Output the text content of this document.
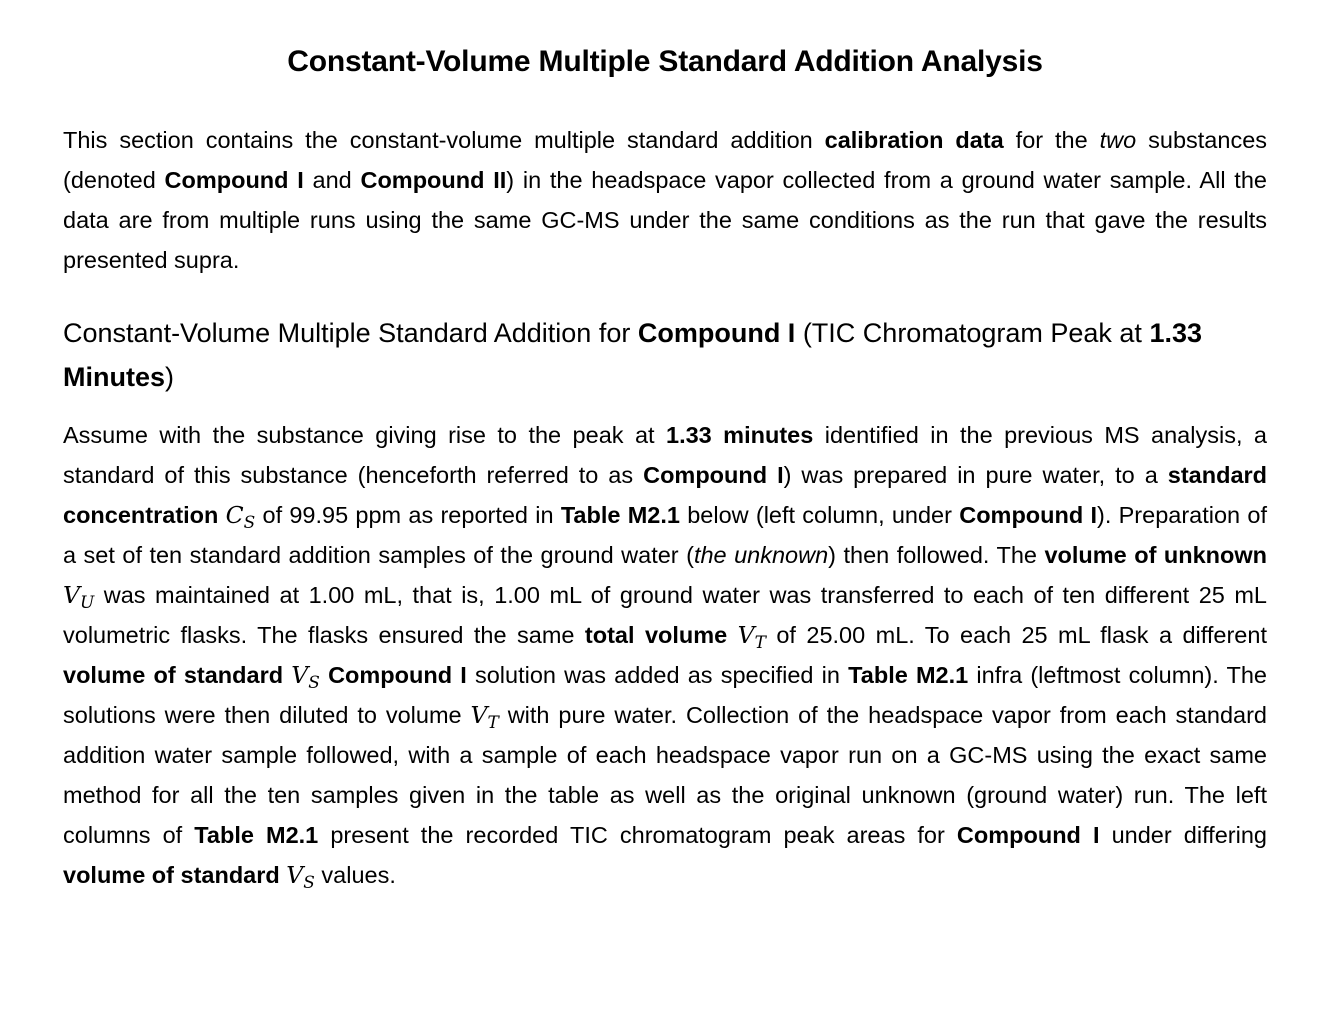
Constant-Volume Multiple Standard Addition Analysis

This section contains the constant-volume multiple standard addition calibration data for the two substances (denoted Compound I and Compound II) in the headspace vapor collected from a ground water sample. All the data are from multiple runs using the same GC-MS under the same conditions as the run that gave the results presented supra.

Constant-Volume Multiple Standard Addition for Compound I (TIC Chromatogram Peak at 1.33 Minutes)

Assume with the substance giving rise to the peak at 1.33 minutes identified in the previous MS analysis, a standard of this substance (henceforth referred to as Compound I) was prepared in pure water, to a standard concentration $C_S$ of 99.95 ppm as reported in Table M2.1 below (left column, under Compound I). Preparation of a set of ten standard addition samples of the ground water (the unknown) then followed. The volume of unknown $V_U$ was maintained at 1.00 mL, that is, 1.00 mL of ground water was transferred to each of ten different 25 mL volumetric flasks. The flasks ensured the same total volume $V_T$ of 25.00 mL. To each 25 mL flask a different volume of standard $V_S$ Compound I solution was added as specified in Table M2.1 infra (leftmost column). The solutions were then diluted to volume $V_T$ with pure water. Collection of the headspace vapor from each standard addition water sample followed, with a sample of each headspace vapor run on a GC-MS using the exact same method for all the ten samples given in the table as well as the original unknown (ground water) run. The left columns of Table M2.1 present the recorded TIC chromatogram peak areas for Compound I under differing volume of standard $V_S$ values.
